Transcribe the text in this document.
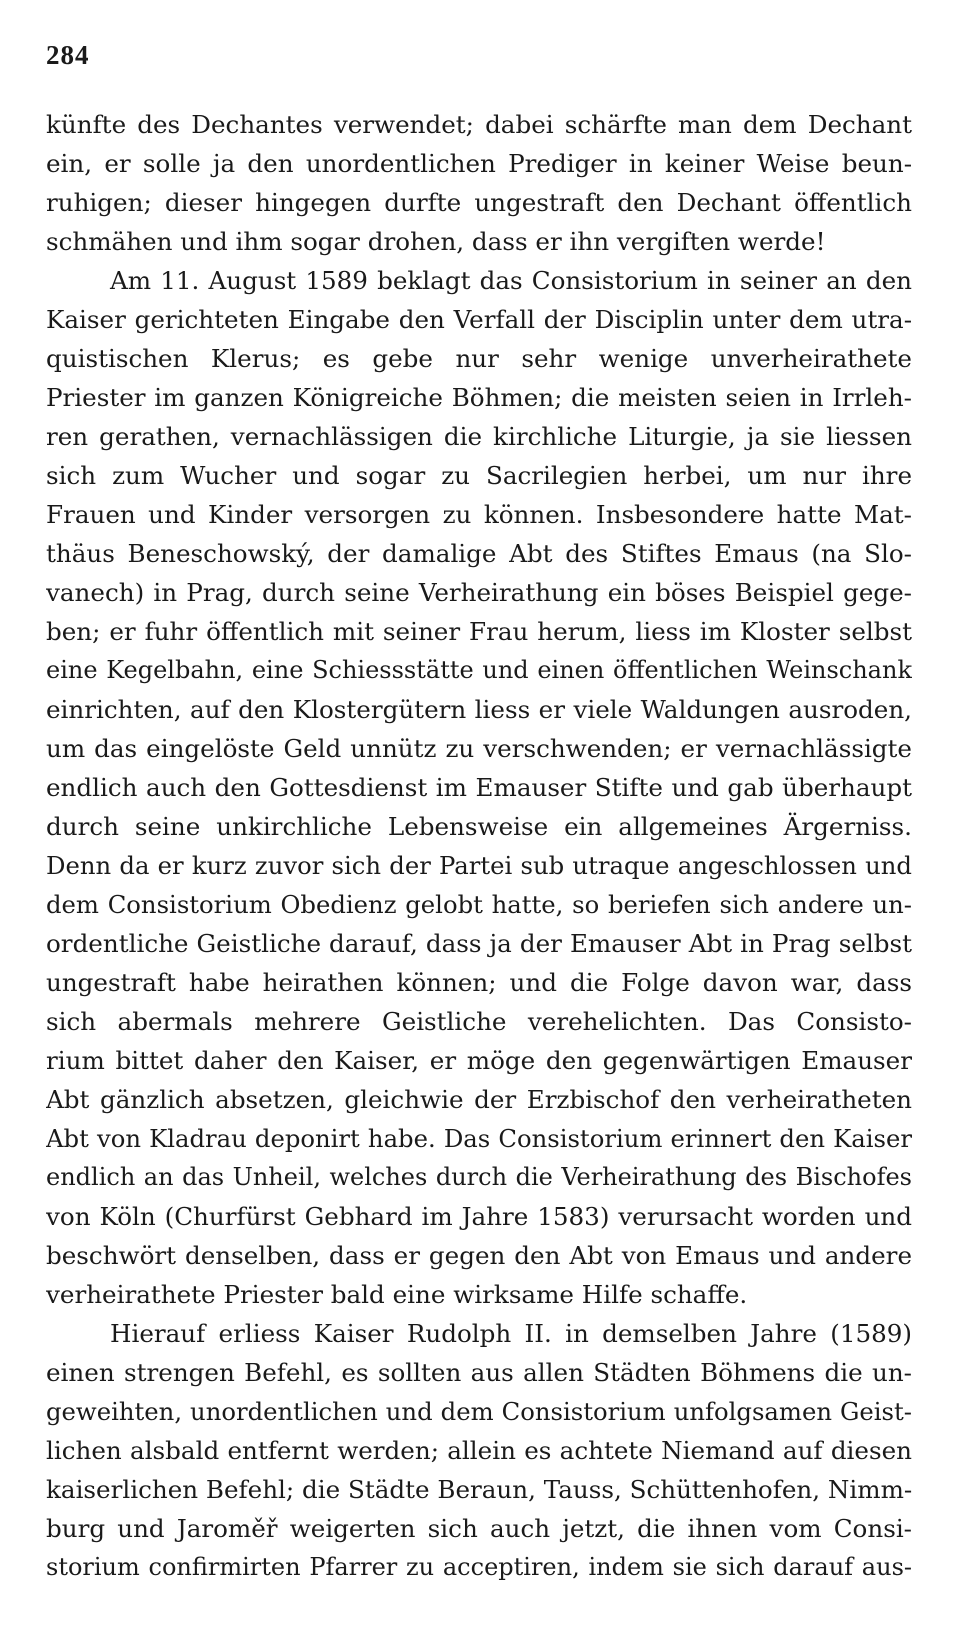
284
künfte des Dechantes verwendet; dabei schärfte man dem Dechant
ein, er solle ja den unordentlichen Prediger in keiner Weise beun-
ruhigen; dieser hingegen durfte ungestraft den Dechant öffentlich
schmähen und ihm sogar drohen, dass er ihn vergiften werde!
Am 11. August 1589 beklagt das Consistorium in seiner an den
Kaiser gerichteten Eingabe den Verfall der Disciplin unter dem utra-
quistischen Klerus; es gebe nur sehr wenige unverheirathete
Priester im ganzen Königreiche Böhmen; die meisten seien in Irrleh-
ren gerathen, vernachlässigen die kirchliche Liturgie, ja sie liessen
sich zum Wucher und sogar zu Sacrilegien herbei, um nur ihre
Frauen und Kinder versorgen zu können. Insbesondere hatte Mat-
thäus Beneschowský, der damalige Abt des Stiftes Emaus (na Slo-
vanech) in Prag, durch seine Verheirathung ein böses Beispiel gege-
ben; er fuhr öffentlich mit seiner Frau herum, liess im Kloster selbst
eine Kegelbahn, eine Schiessstätte und einen öffentlichen Weinschank
einrichten, auf den Klostergütern liess er viele Waldungen ausroden,
um das eingelöste Geld unnütz zu verschwenden; er vernachlässigte
endlich auch den Gottesdienst im Emauser Stifte und gab überhaupt
durch seine unkirchliche Lebensweise ein allgemeines Ärgerniss.
Denn da er kurz zuvor sich der Partei sub utraque angeschlossen und
dem Consistorium Obedienz gelobt hatte, so beriefen sich andere un-
ordentliche Geistliche darauf, dass ja der Emauser Abt in Prag selbst
ungestraft habe heirathen können; und die Folge davon war, dass
sich abermals mehrere Geistliche verehelichten. Das Consisto-
rium bittet daher den Kaiser, er möge den gegenwärtigen Emauser
Abt gänzlich absetzen, gleichwie der Erzbischof den verheiratheten
Abt von Kladrau deponirt habe. Das Consistorium erinnert den Kaiser
endlich an das Unheil, welches durch die Verheirathung des Bischofes
von Köln (Churfürst Gebhard im Jahre 1583) verursacht worden und
beschwört denselben, dass er gegen den Abt von Emaus und andere
verheirathete Priester bald eine wirksame Hilfe schaffe.
Hierauf erliess Kaiser Rudolph II. in demselben Jahre (1589)
einen strengen Befehl, es sollten aus allen Städten Böhmens die un-
geweihten, unordentlichen und dem Consistorium unfolgsamen Geist-
lichen alsbald entfernt werden; allein es achtete Niemand auf diesen
kaiserlichen Befehl; die Städte Beraun, Tauss, Schüttenhofen, Nimm-
burg und Jaroměř weigerten sich auch jetzt, die ihnen vom Consi-
storium confirmirten Pfarrer zu acceptiren, indem sie sich darauf aus-
